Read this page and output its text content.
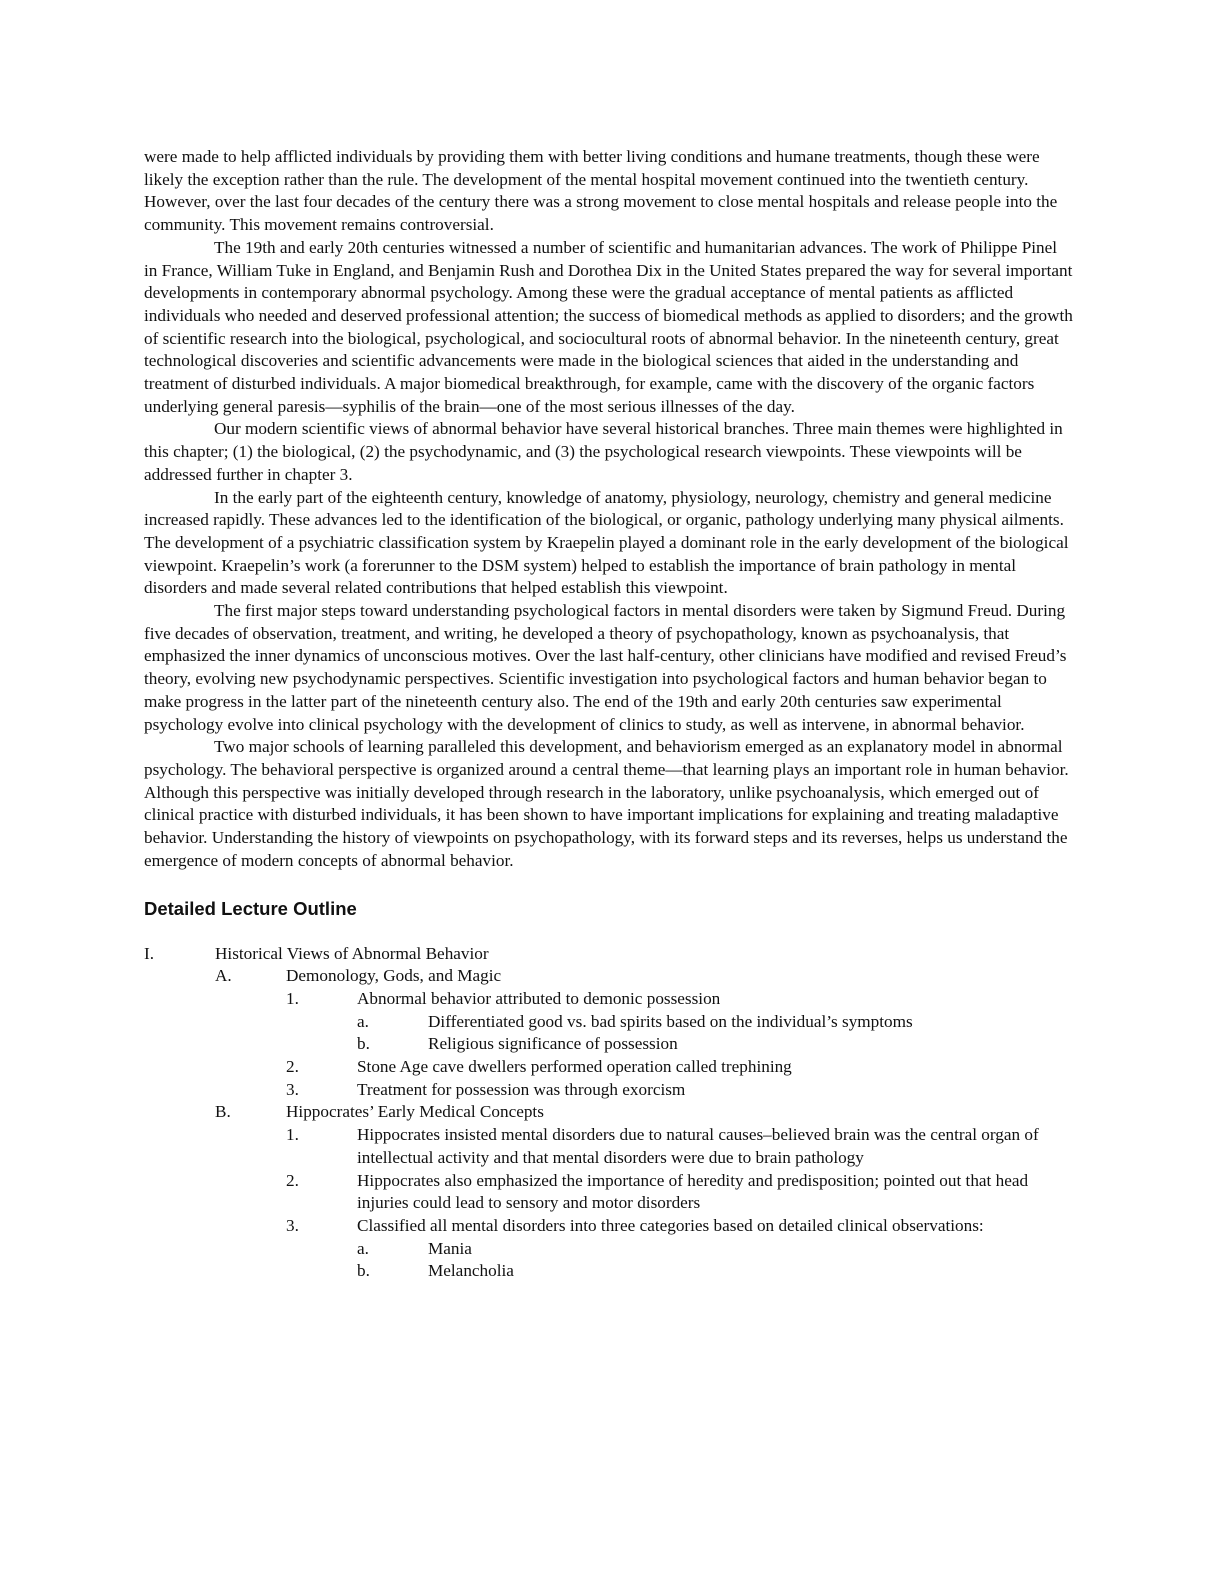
were made to help afflicted individuals by providing them with better living conditions and humane treatments, though these were likely the exception rather than the rule. The development of the mental hospital movement continued into the twentieth century. However, over the last four decades of the century there was a strong movement to close mental hospitals and release people into the community. This movement remains controversial.

The 19th and early 20th centuries witnessed a number of scientific and humanitarian advances. The work of Philippe Pinel in France, William Tuke in England, and Benjamin Rush and Dorothea Dix in the United States prepared the way for several important developments in contemporary abnormal psychology. Among these were the gradual acceptance of mental patients as afflicted individuals who needed and deserved professional attention; the success of biomedical methods as applied to disorders; and the growth of scientific research into the biological, psychological, and sociocultural roots of abnormal behavior. In the nineteenth century, great technological discoveries and scientific advancements were made in the biological sciences that aided in the understanding and treatment of disturbed individuals. A major biomedical breakthrough, for example, came with the discovery of the organic factors underlying general paresis—syphilis of the brain—one of the most serious illnesses of the day.

Our modern scientific views of abnormal behavior have several historical branches. Three main themes were highlighted in this chapter; (1) the biological, (2) the psychodynamic, and (3) the psychological research viewpoints. These viewpoints will be addressed further in chapter 3.

In the early part of the eighteenth century, knowledge of anatomy, physiology, neurology, chemistry and general medicine increased rapidly. These advances led to the identification of the biological, or organic, pathology underlying many physical ailments. The development of a psychiatric classification system by Kraepelin played a dominant role in the early development of the biological viewpoint. Kraepelin’s work (a forerunner to the DSM system) helped to establish the importance of brain pathology in mental disorders and made several related contributions that helped establish this viewpoint.

The first major steps toward understanding psychological factors in mental disorders were taken by Sigmund Freud. During five decades of observation, treatment, and writing, he developed a theory of psychopathology, known as psychoanalysis, that emphasized the inner dynamics of unconscious motives. Over the last half-century, other clinicians have modified and revised Freud’s theory, evolving new psychodynamic perspectives. Scientific investigation into psychological factors and human behavior began to make progress in the latter part of the nineteenth century also. The end of the 19th and early 20th centuries saw experimental psychology evolve into clinical psychology with the development of clinics to study, as well as intervene, in abnormal behavior.

Two major schools of learning paralleled this development, and behaviorism emerged as an explanatory model in abnormal psychology. The behavioral perspective is organized around a central theme—that learning plays an important role in human behavior. Although this perspective was initially developed through research in the laboratory, unlike psychoanalysis, which emerged out of clinical practice with disturbed individuals, it has been shown to have important implications for explaining and treating maladaptive behavior. Understanding the history of viewpoints on psychopathology, with its forward steps and its reverses, helps us understand the emergence of modern concepts of abnormal behavior.

Detailed Lecture Outline
I.	Historical Views of Abnormal Behavior
A.	Demonology, Gods, and Magic
1.	Abnormal behavior attributed to demonic possession
a.	Differentiated good vs. bad spirits based on the individual’s symptoms
b.	Religious significance of possession
2.	Stone Age cave dwellers performed operation called trephining
3.	Treatment for possession was through exorcism
B.	Hippocrates’ Early Medical Concepts
1.	Hippocrates insisted mental disorders due to natural causes–believed brain was the central organ of intellectual activity and that mental disorders were due to brain pathology
2.	Hippocrates also emphasized the importance of heredity and predisposition; pointed out that head injuries could lead to sensory and motor disorders
3.	Classified all mental disorders into three categories based on detailed clinical observations:
a.	Mania
b.	Melancholia
